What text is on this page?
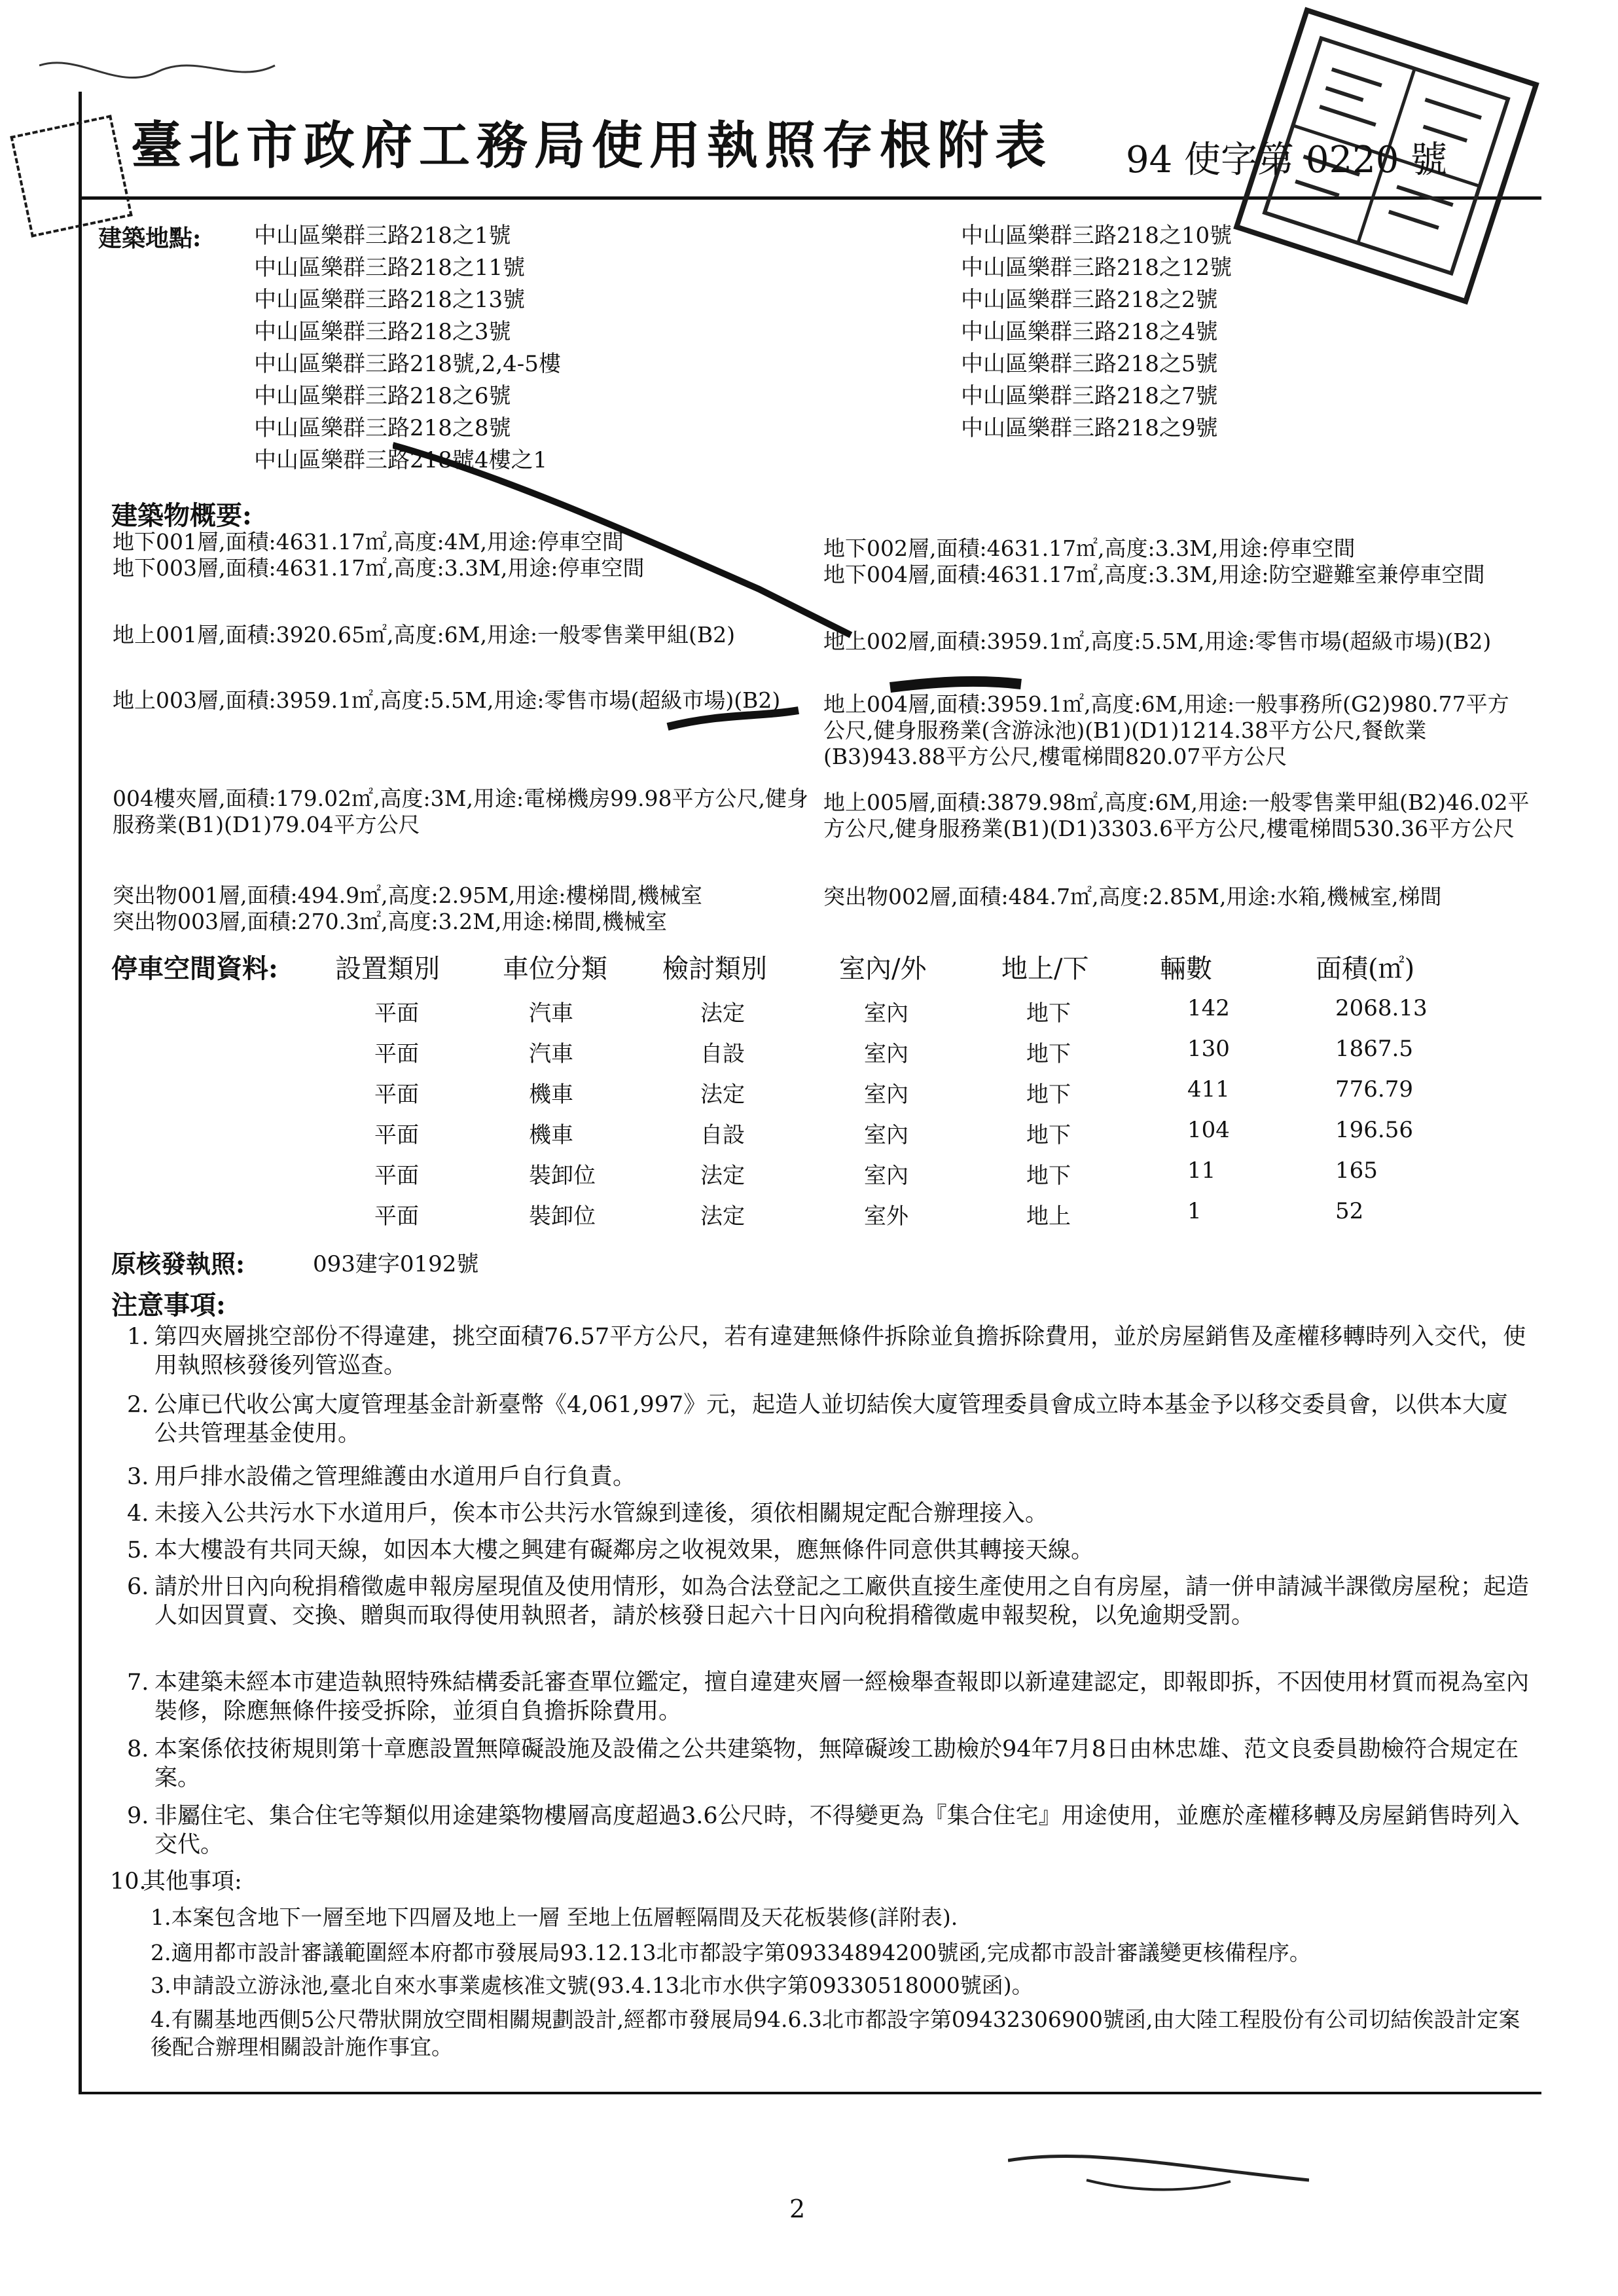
臺北市政府工務局使用執照存根附表 94 使字第 0220 號
建築地點: 中山區樂群三路218之1號
中山區樂群三路218之11號
中山區樂群三路218之13號
中山區樂群三路218之3號
中山區樂群三路218號,2,4-5樓
中山區樂群三路218之6號
中山區樂群三路218之8號
中山區樂群三路218號4樓之1
中山區樂群三路218之10號
中山區樂群三路218之12號
中山區樂群三路218之2號
中山區樂群三路218之4號
中山區樂群三路218之5號
中山區樂群三路218之7號
中山區樂群三路218之9號
建築物概要:
地下001層,面積:4631.17㎡,高度:4M,用途:停車空間
地下003層,面積:4631.17㎡,高度:3.3M,用途:停車空間
地上001層,面積:3920.65㎡,高度:6M,用途:一般零售業甲組(B2)
地上003層,面積:3959.1㎡,高度:5.5M,用途:零售市場(超級市場)(B2)
004樓夾層,面積:179.02㎡,高度:3M,用途:電梯機房99.98平方公尺,健身服務業(B1)(D1)79.04平方公尺
突出物001層,面積:494.9㎡,高度:2.95M,用途:樓梯間,機械室
突出物003層,面積:270.3㎡,高度:3.2M,用途:梯間,機械室
地下002層,面積:4631.17㎡,高度:3.3M,用途:停車空間
地下004層,面積:4631.17㎡,高度:3.3M,用途:防空避難室兼停車空間
地上002層,面積:3959.1㎡,高度:5.5M,用途:零售市場(超級市場)(B2)
地上004層,面積:3959.1㎡,高度:6M,用途:一般事務所(G2)980.77平方公尺,健身服務業(含游泳池)(B1)(D1)1214.38平方公尺,餐飲業(B3)943.88平方公尺,樓電梯間820.07平方公尺
地上005層,面積:3879.98㎡,高度:6M,用途:一般零售業甲組(B2)46.02平方公尺,健身服務業(B1)(D1)3303.6平方公尺,樓電梯間530.36平方公尺
突出物002層,面積:484.7㎡,高度:2.85M,用途:水箱,機械室,梯間
停車空間資料: 設置類別 車位分類 檢討類別	室內/外	地上/下	輛數	面積(㎡)
平面	汽車	法定	室內	地下	142	2068.13
平面	汽車	自設	室內	地下	130	1867.5
平面	機車	法定	室內	地下	411	776.79
平面	機車	自設	室內	地下	104	196.56
平面	裝卸位	法定	室內	地下	11	165
平面	裝卸位	法定	室外	地上	1	52
原核發執照:	093建字0192號
注意事項:
1. 第四夾層挑空部份不得違建，挑空面積76.57平方公尺，若有違建無條件拆除並負擔拆除費用，並於房屋銷售及產權移轉時列入交代，使用執照核發後列管巡查。
2. 公庫已代收公寓大廈管理基金計新臺幣《4,061,997》元，起造人並切結俟大廈管理委員會成立時本基金予以移交委員會，以供本大廈公共管理基金使用。
3. 用戶排水設備之管理維護由水道用戶自行負責。
4. 未接入公共污水下水道用戶，俟本市公共污水管線到達後，須依相關規定配合辦理接入。
5. 本大樓設有共同天線，如因本大樓之興建有礙鄰房之收視效果，應無條件同意供其轉接天線。
6. 請於卅日內向稅捐稽徵處申報房屋現值及使用情形，如為合法登記之工廠供直接生產使用之自有房屋，請一併申請減半課徵房屋稅；起造人如因買賣、交換、贈與而取得使用執照者，請於核發日起六十日內向稅捐稽徵處申報契稅，以免逾期受罰。
7. 本建築未經本市建造執照特殊結構委託審查單位鑑定，擅自違建夾層一經檢舉查報即以新違建認定，即報即拆，不因使用材質而視為室內裝修，除應無條件接受拆除，並須自負擔拆除費用。
8. 本案係依技術規則第十章應設置無障礙設施及設備之公共建築物，無障礙竣工勘檢於94年7月8日由林忠雄、范文良委員勘檢符合規定在案。
9. 非屬住宅、集合住宅等類似用途建築物樓層高度超過3.6公尺時，不得變更為『集合住宅』用途使用，並應於產權移轉及房屋銷售時列入交代。
10.
其他事項:
1.本案包含地下一層至地下四層及地上一層 至地上伍層輕隔間及天花板裝修(詳附表).
2.適用都市設計審議範圍經本府都市發展局93.12.13北市都設字第09334894200號函,完成都市設計審議變更核備程序。
3.申請設立游泳池,臺北自來水事業處核准文號(93.4.13北市水供字第09330518000號函)。
4.有關基地西側5公尺帶狀開放空間相關規劃設計,經都市發展局94.6.3北市都設字第09432306900號函,由大陸工程股份有公司切結俟設計定案後配合辦理相關設計施作事宜。
2
